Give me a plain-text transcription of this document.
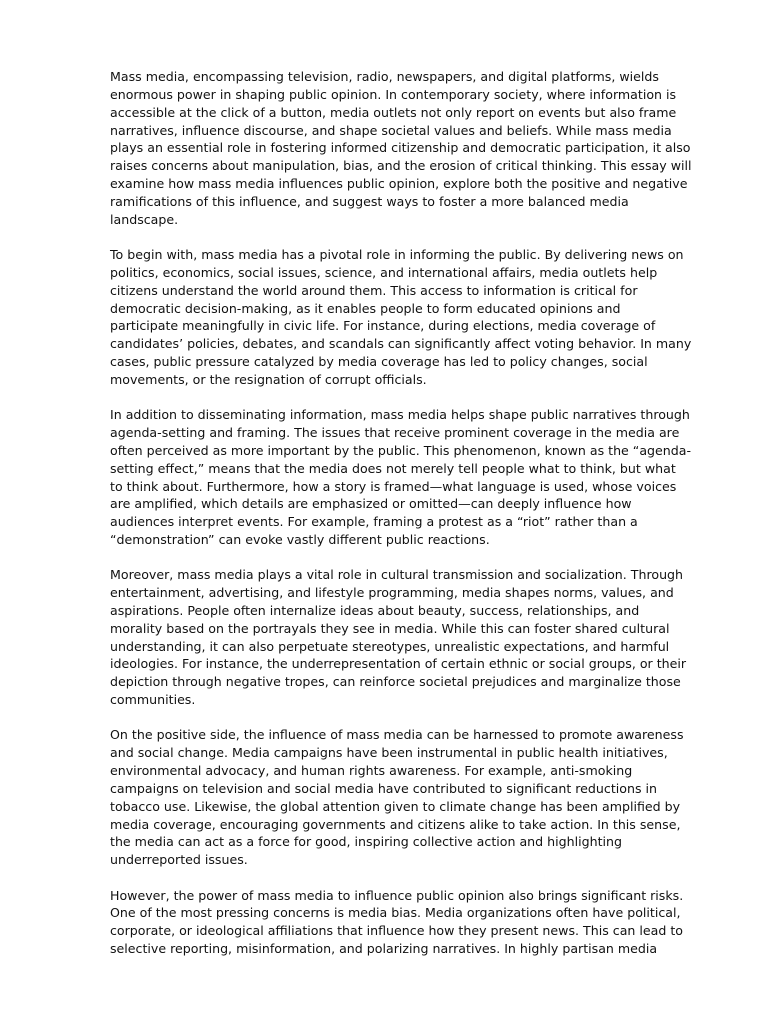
Mass media, encompassing television, radio, newspapers, and digital platforms, wields enormous power in shaping public opinion. In contemporary society, where information is accessible at the click of a button, media outlets not only report on events but also frame narratives, influence discourse, and shape societal values and beliefs. While mass media plays an essential role in fostering informed citizenship and democratic participation, it also raises concerns about manipulation, bias, and the erosion of critical thinking. This essay will examine how mass media influences public opinion, explore both the positive and negative ramifications of this influence, and suggest ways to foster a more balanced media landscape.

To begin with, mass media has a pivotal role in informing the public. By delivering news on politics, economics, social issues, science, and international affairs, media outlets help citizens understand the world around them. This access to information is critical for democratic decision-making, as it enables people to form educated opinions and participate meaningfully in civic life. For instance, during elections, media coverage of candidates’ policies, debates, and scandals can significantly affect voting behavior. In many cases, public pressure catalyzed by media coverage has led to policy changes, social movements, or the resignation of corrupt officials.

In addition to disseminating information, mass media helps shape public narratives through agenda-setting and framing. The issues that receive prominent coverage in the media are often perceived as more important by the public. This phenomenon, known as the “agenda-setting effect,” means that the media does not merely tell people what to think, but what to think about. Furthermore, how a story is framed—what language is used, whose voices are amplified, which details are emphasized or omitted—can deeply influence how audiences interpret events. For example, framing a protest as a “riot” rather than a “demonstration” can evoke vastly different public reactions.

Moreover, mass media plays a vital role in cultural transmission and socialization. Through entertainment, advertising, and lifestyle programming, media shapes norms, values, and aspirations. People often internalize ideas about beauty, success, relationships, and morality based on the portrayals they see in media. While this can foster shared cultural understanding, it can also perpetuate stereotypes, unrealistic expectations, and harmful ideologies. For instance, the underrepresentation of certain ethnic or social groups, or their depiction through negative tropes, can reinforce societal prejudices and marginalize those communities.

On the positive side, the influence of mass media can be harnessed to promote awareness and social change. Media campaigns have been instrumental in public health initiatives, environmental advocacy, and human rights awareness. For example, anti-smoking campaigns on television and social media have contributed to significant reductions in tobacco use. Likewise, the global attention given to climate change has been amplified by media coverage, encouraging governments and citizens alike to take action. In this sense, the media can act as a force for good, inspiring collective action and highlighting underreported issues.

However, the power of mass media to influence public opinion also brings significant risks. One of the most pressing concerns is media bias. Media organizations often have political, corporate, or ideological affiliations that influence how they present news. This can lead to selective reporting, misinformation, and polarizing narratives. In highly partisan media
